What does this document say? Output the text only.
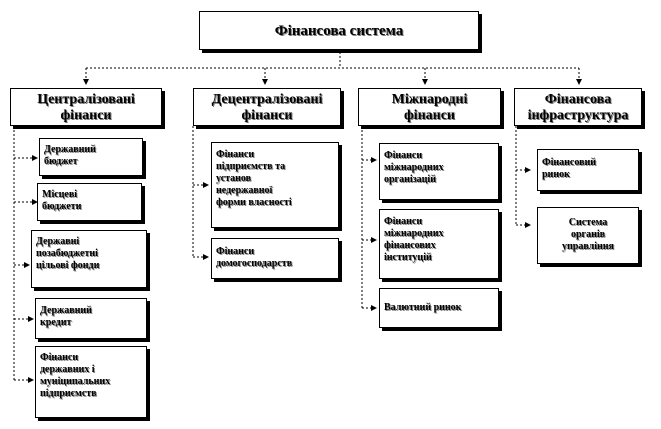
Фінансова система
Централізовані
фінанси
Децентралізовані
фінанси
Міжнародні
фінанси
Фінансова
інфраструктура
Державний
бюджет
Місцеві
бюджети
Державні
позабюджетні
цільові фонди
Державний
кредит
Фінанси
державних і
муніципальних
підприємств
Фінанси
підприємств та
установ
недержавної
форми власності
Фінанси
домогосподарств
Фінанси
міжнародних
організацій
Фінанси
міжнародних
фінансових
інституцій
Валютний ринок
Фінансовий
ринок
Система
органів
управління
